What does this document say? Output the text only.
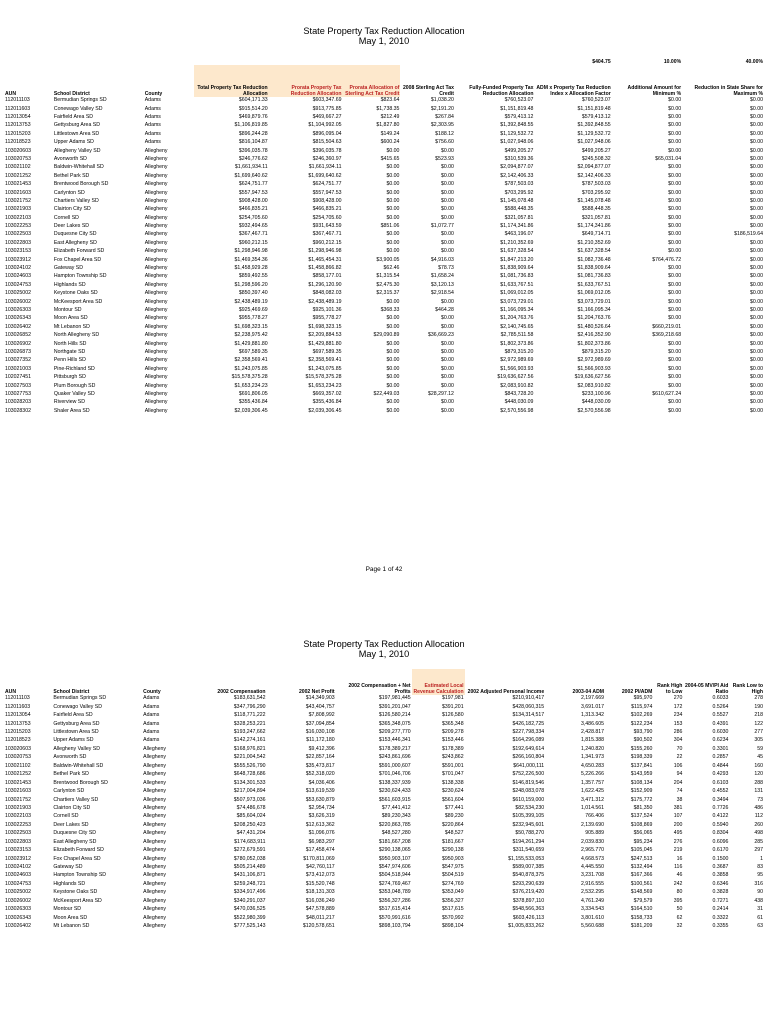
State Property Tax Reduction Allocation
May 1, 2010
								$404.75	10.00%	40.00%
AUN	School District	County	Total Property Tax Reduction Allocation	Prorata Property Tax Reduction Allocation	Prorata Allocation of Sterling Act Tax Credit	2008 Sterling Act Tax Credit	Fully-Funded Property Tax Reduction Allocation	ADM x Property Tax Reduction Index x Allocation Factor	Additional Amount for Minimum %	Reduction in State Share for Maximum %
112011103	Bermudian Springs SD	Adams	$604,171.33	$603,347.69	$823.64	$1,038.20	$760,523.07	$760,523.07	$0.00	$0.00
112011603	Conewago Valley SD	Adams	$915,514.20	$913,775.85	$1,738.35	$2,191.20	$1,151,819.48	$1,151,819.48	$0.00	$0.00
112013054	Fairfield Area SD	Adams	$469,879.76	$469,667.27	$212.49	$267.84	$579,413.12	$579,413.12	$0.00	$0.00
112013753	Gettysburg Area SD	Adams	$1,106,819.85	$1,104,992.05	$1,827.80	$2,303.95	$1,392,848.55	$1,392,848.55	$0.00	$0.00
112015203	Littlestown Area SD	Adams	$896,244.28	$896,095.04	$149.24	$188.12	$1,129,532.72	$1,129,532.72	$0.00	$0.00
112018523	Upper Adams SD	Adams	$816,104.87	$815,504.63	$600.24	$756.60	$1,027,948.06	$1,027,948.06	$0.00	$0.00
103020603	Allegheny Valley SD	Allegheny	$396,035.78	$396,035.78	$0.00	$0.00	$499,205.27	$499,205.27	$0.00	$0.00
103020753	Avonworth SD	Allegheny	$246,776.62	$246,360.97	$415.65	$523.93	$310,539.36	$245,508.32	$65,031.04	$0.00
103021102	Baldwin-Whitehall SD	Allegheny	$1,661,934.11	$1,661,934.11	$0.00	$0.00	$2,094,877.07	$2,094,877.07	$0.00	$0.00
103021252	Bethel Park SD	Allegheny	$1,699,640.62	$1,699,640.62	$0.00	$0.00	$2,142,406.33	$2,142,406.33	$0.00	$0.00
103021453	Brentwood Borough SD	Allegheny	$624,751.77	$624,751.77	$0.00	$0.00	$787,503.03	$787,503.03	$0.00	$0.00
103021603	Carlynton SD	Allegheny	$557,947.53	$557,947.53	$0.00	$0.00	$703,295.92	$703,295.92	$0.00	$0.00
103021752	Chartiers Valley SD	Allegheny	$908,428.00	$908,428.00	$0.00	$0.00	$1,145,078.48	$1,145,078.48	$0.00	$0.00
103021903	Clairton City SD	Allegheny	$466,835.21	$466,835.21	$0.00	$0.00	$588,448.35	$588,448.35	$0.00	$0.00
103022103	Cornell SD	Allegheny	$254,705.60	$254,705.60	$0.00	$0.00	$321,057.81	$321,057.81	$0.00	$0.00
103022253	Deer Lakes SD	Allegheny	$932,494.65	$931,643.59	$851.06	$1,072.77	$1,174,341.86	$1,174,341.86	$0.00	$0.00
103022503	Duquesne City SD	Allegheny	$367,467.71	$367,467.71	$0.00	$0.00	$463,196.07	$649,714.71	$0.00	$186,519.64
103022803	East Allegheny SD	Allegheny	$960,212.15	$960,212.15	$0.00	$0.00	$1,210,352.69	$1,210,352.69	$0.00	$0.00
103023153	Elizabeth Forward SD	Allegheny	$1,298,946.98	$1,298,946.98	$0.00	$0.00	$1,637,328.54	$1,637,328.54	$0.00	$0.00
103023912	Fox Chapel Area SD	Allegheny	$1,469,354.36	$1,465,454.31	$3,900.05	$4,916.03	$1,847,213.20	$1,082,736.48	$764,476.72	$0.00
103024102	Gateway SD	Allegheny	$1,458,929.28	$1,458,866.82	$62.46	$78.73	$1,838,909.64	$1,838,909.64	$0.00	$0.00
103024603	Hampton Township SD	Allegheny	$859,492.55	$858,177.01	$1,315.54	$1,658.24	$1,081,736.83	$1,081,736.83	$0.00	$0.00
103024753	Highlands SD	Allegheny	$1,298,596.20	$1,296,120.90	$2,475.30	$3,120.13	$1,633,767.51	$1,633,767.51	$0.00	$0.00
103025002	Keystone Oaks SD	Allegheny	$850,397.40	$848,082.03	$2,315.37	$2,918.54	$1,069,012.05	$1,069,012.05	$0.00	$0.00
103026002	McKeesport Area SD	Allegheny	$2,438,489.19	$2,438,489.19	$0.00	$0.00	$3,073,729.01	$3,073,729.01	$0.00	$0.00
103026303	Montour SD	Allegheny	$925,469.69	$925,101.36	$368.33	$464.28	$1,166,095.34	$1,166,095.34	$0.00	$0.00
103026343	Moon Area SD	Allegheny	$955,778.27	$955,778.27	$0.00	$0.00	$1,204,763.76	$1,204,763.76	$0.00	$0.00
103026402	Mt Lebanon SD	Allegheny	$1,698,323.15	$1,698,323.15	$0.00	$0.00	$2,140,745.65	$1,480,526.64	$660,219.01	$0.00
103026852	North Allegheny SD	Allegheny	$2,238,975.42	$2,209,884.53	$29,090.89	$36,669.23	$2,785,511.58	$2,416,352.90	$369,218.68	$0.00
103026902	North Hills SD	Allegheny	$1,429,881.80	$1,429,881.80	$0.00	$0.00	$1,802,373.86	$1,802,373.86	$0.00	$0.00
103026873	Northgate SD	Allegheny	$697,589.35	$697,589.35	$0.00	$0.00	$879,315.20	$879,315.20	$0.00	$0.00
103027352	Penn Hills SD	Allegheny	$2,358,569.41	$2,358,569.41	$0.00	$0.00	$2,972,989.69	$2,972,989.69	$0.00	$0.00
103021003	Pine-Richland SD	Allegheny	$1,243,075.85	$1,243,075.85	$0.00	$0.00	$1,566,903.93	$1,566,903.93	$0.00	$0.00
102027451	Pittsburgh SD	Allegheny	$15,578,375.28	$15,578,375.28	$0.00	$0.00	$19,636,627.56	$19,636,627.56	$0.00	$0.00
103027503	Plum Borough SD	Allegheny	$1,653,234.23	$1,653,234.23	$0.00	$0.00	$2,083,910.82	$2,083,910.82	$0.00	$0.00
103027753	Quaker Valley SD	Allegheny	$691,806.05	$669,357.02	$22,449.03	$28,297.12	$843,728.20	$233,100.96	$610,627.24	$0.00
103028203	Riverview SD	Allegheny	$355,436.84	$355,436.84	$0.00	$0.00	$448,030.09	$448,030.09	$0.00	$0.00
103028302	Shaler Area SD	Allegheny	$2,039,306.45	$2,039,306.45	$0.00	$0.00	$2,570,556.98	$2,570,556.98	$0.00	$0.00
Page 1 of 42
State Property Tax Reduction Allocation
May 1, 2010
AUN	School District	County	2002 Compensation	2002 Net Profit	2002 Compensation + Net Profits	Estimated Local Revenue Calculation	2002 Adjusted Personal Income	2003-04 ADM	2002 PI/ADM	Rank High to Low	2004-05 MV/PI Aid Ratio	Rank Low to High
112011103	Bermudian Springs SD	Adams	$183,631,542	$14,349,903	$197,981,445	$197,981	$210,910,417	2,197.669	$95,970	270	0.6033	278
112011603	Conewago Valley SD	Adams	$347,796,290	$43,404,757	$391,201,047	$391,201	$428,060,315	3,691.017	$115,974	172	0.5264	190
112013054	Fairfield Area SD	Adams	$118,771,222	$7,808,992	$126,580,214	$126,580	$134,314,517	1,313.342	$102,269	234	0.5527	218
112013753	Gettysburg Area SD	Adams	$328,253,221	$37,094,854	$365,348,075	$365,348	$426,182,725	3,486.605	$122,234	153	0.4391	122
112015203	Littlestown Area SD	Adams	$193,247,662	$16,030,108	$209,277,770	$209,278	$227,798,334	2,428.817	$93,790	286	0.6030	277
112018523	Upper Adams SD	Adams	$142,274,161	$11,172,180	$153,446,341	$153,446	$164,296,089	1,815.388	$90,502	304	0.6234	305
103020603	Allegheny Valley SD	Allegheny	$168,976,821	$9,412,396	$178,389,217	$178,389	$192,649,614	1,240.820	$155,260	70	0.3301	59
103020753	Avonworth SD	Allegheny	$221,004,542	$22,857,164	$243,861,696	$243,862	$266,160,804	1,341.973	$198,339	22	0.2857	45
103021102	Baldwin-Whitehall SD	Allegheny	$555,526,790	$35,473,817	$591,000,607	$591,001	$641,000,111	4,650.283	$137,841	106	0.4844	160
103021252	Bethel Park SD	Allegheny	$648,728,686	$52,318,020	$701,046,706	$701,047	$752,226,500	5,226.266	$143,959	94	0.4293	120
103021453	Brentwood Borough SD	Allegheny	$134,301,533	$4,036,406	$138,337,939	$138,338	$146,819,546	1,357.757	$108,134	204	0.6103	288
103021603	Carlynton SD	Allegheny	$217,004,894	$13,619,539	$230,624,433	$230,624	$248,083,078	1,622.425	$152,909	74	0.4552	131
103021752	Chartiers Valley SD	Allegheny	$507,973,036	$53,630,879	$561,603,915	$561,604	$610,159,000	3,471.312	$175,772	38	0.3494	73
103021903	Clairton City SD	Allegheny	$74,486,678	$2,954,734	$77,441,412	$77,441	$82,534,230	1,014.561	$81,350	381	0.7726	486
103022103	Cornell SD	Allegheny	$85,604,024	$3,626,319	$89,230,343	$89,230	$105,399,105	766.406	$137,524	107	0.4122	112
103022253	Deer Lakes SD	Allegheny	$208,250,423	$12,613,362	$220,863,785	$220,864	$232,945,601	2,139.690	$108,869	200	0.5940	260
103022503	Duquesne City SD	Allegheny	$47,431,204	$1,096,076	$48,527,280	$48,527	$50,788,270	905.889	$56,065	495	0.8304	498
103022803	East Allegheny SD	Allegheny	$174,683,911	$6,983,297	$181,667,208	$181,667	$194,261,294	2,039.830	$95,234	276	0.6096	285
103023153	Elizabeth Forward SD	Allegheny	$272,679,591	$17,458,474	$290,138,065	$290,138	$311,540,659	2,965.770	$105,045	219	0.6170	297
103023912	Fox Chapel Area SD	Allegheny	$780,052,038	$170,811,069	$950,903,107	$950,903	$1,155,533,053	4,668.573	$247,513	16	0.1500	1
103024102	Gateway SD	Allegheny	$505,214,489	$42,760,117	$547,974,606	$547,975	$589,007,385	4,445.550	$132,494	116	0.3687	83
103024603	Hampton Township SD	Allegheny	$431,106,871	$73,412,073	$504,518,944	$504,519	$540,878,375	3,231.708	$167,366	46	0.3858	95
103024753	Highlands SD	Allegheny	$259,248,721	$15,520,748	$274,769,467	$274,769	$293,290,639	2,916.555	$100,561	242	0.6346	316
103025002	Keystone Oaks SD	Allegheny	$334,917,496	$18,131,303	$353,048,789	$353,049	$376,219,420	2,532.295	$148,569	80	0.3828	90
103026002	McKeesport Area SD	Allegheny	$340,291,037	$16,036,249	$356,327,286	$356,327	$378,897,110	4,761.249	$79,579	395	0.7271	438
103026303	Montour SD	Allegheny	$470,036,525	$47,578,889	$517,615,414	$517,615	$548,566,363	3,334.543	$164,510	50	0.2414	31
103026343	Moon Area SD	Allegheny	$522,980,399	$48,011,217	$570,991,616	$570,992	$603,426,113	3,801.610	$158,733	62	0.3322	61
103026402	Mt Lebanon SD	Allegheny	$777,525,143	$120,578,651	$898,103,794	$898,104	$1,005,833,262	5,560.688	$181,209	32	0.3355	63
